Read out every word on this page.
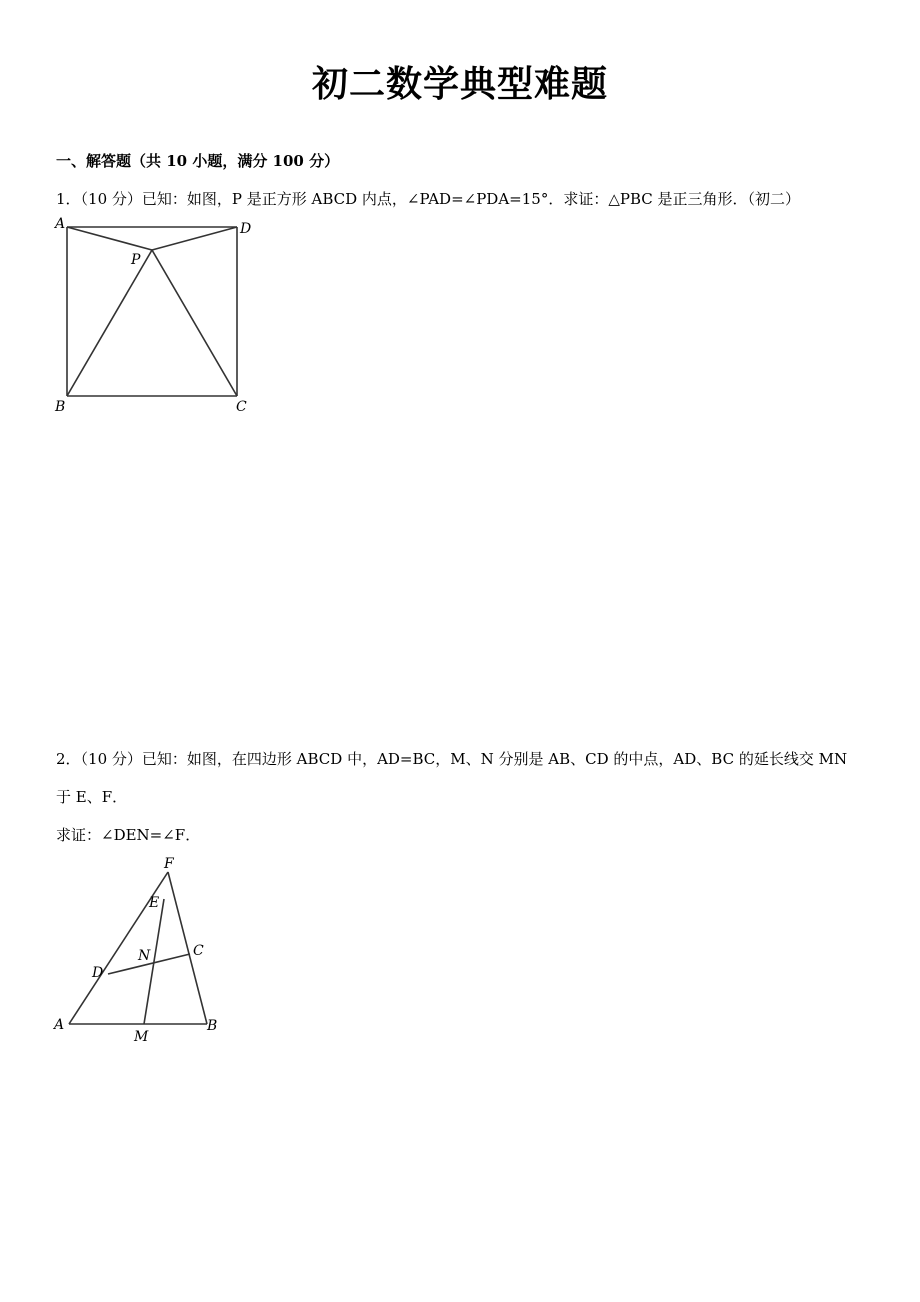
初二数学典型难题
一、解答题（共 10 小题，满分 100 分）
1．（10 分）已知：如图，P 是正方形 ABCD 内点，∠PAD=∠PDA=15°．求证：△PBC 是正三角形．（初二）
A	D
P
B	C
2．（10 分）已知：如图，在四边形 ABCD 中，AD=BC，M、N 分别是 AB、CD 的中点，AD、BC 的延长线交 MN
于 E、F．
求证：∠DEN=∠F．
F
E
C
N
D
A
M
B
